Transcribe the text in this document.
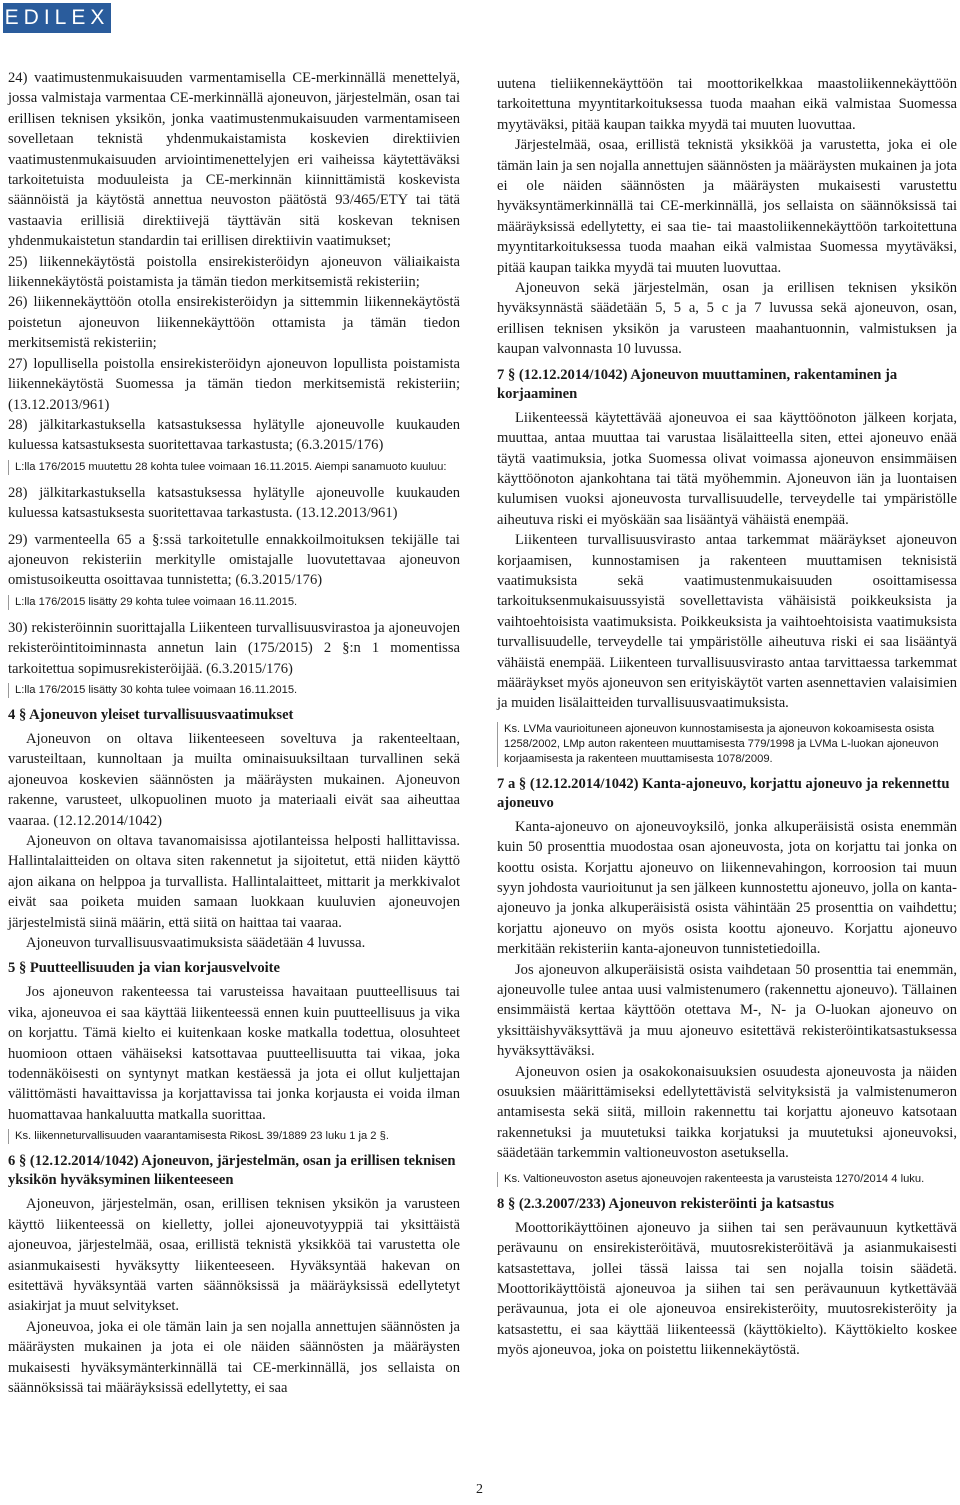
EDILEX

24) vaatimustenmukaisuuden varmentamisella CE-merkinnällä menettelyä, jossa valmistaja varmentaa CE-merkinnällä ajoneuvon, järjestelmän, osan tai erillisen teknisen yksikön, jonka vaatimustenmukaisuuden varmentamiseen sovelletaan teknistä yhdenmukaistamista koskevien direktiivien vaatimustenmukaisuuden arviointimenettelyjen eri vaiheissa käytettäväksi tarkoitetuista moduuleista ja CE-merkinnän kiinnittämistä koskevista säännöistä ja käytöstä annettua neuvoston päätöstä 93/465/ETY tai tätä vastaavia erillisiä direktiivejä täyttävän sitä koskevan teknisen yhdenmukaistetun standardin tai erillisen direktiivin vaatimukset;

25) liikennekäytöstä poistolla ensirekisteröidyn ajoneuvon väliaikaista liikennekäytöstä poistamista ja tämän tiedon merkitsemistä rekisteriin;

26) liikennekäyttöön otolla ensirekisteröidyn ja sittemmin liikennekäytöstä poistetun ajoneuvon liikennekäyttöön ottamista ja tämän tiedon merkitsemistä rekisteriin;

27) lopullisella poistolla ensirekisteröidyn ajoneuvon lopullista poistamista liikennekäytöstä Suomessa ja tämän tiedon merkitsemistä rekisteriin; (13.12.2013/961)

28) jälkitarkastuksella katsastuksessa hylätylle ajoneuvolle kuukauden kuluessa katsastuksesta suoritettavaa tarkastusta; (6.3.2015/176)

L:lla 176/2015 muutettu 28 kohta tulee voimaan 16.11.2015. Aiempi sanamuoto kuuluu:

28) jälkitarkastuksella katsastuksessa hylätylle ajoneuvolle kuukauden kuluessa katsastuksesta suoritettavaa tarkastusta. (13.12.2013/961)

29) varmenteella 65 a §:ssä tarkoitetulle ennakkoilmoituksen tekijälle tai ajoneuvon rekisteriin merkitylle omistajalle luovutettavaa ajoneuvon omistusoikeutta osoittavaa tunnistetta; (6.3.2015/176)

L:lla 176/2015 lisätty 29 kohta tulee voimaan 16.11.2015.

30) rekisteröinnin suorittajalla Liikenteen turvallisuusvirastoa ja ajoneuvojen rekisteröintitoiminnasta annetun lain (175/2015) 2 §:n 1 momentissa tarkoitettua sopimusrekisteröijää. (6.3.2015/176)

L:lla 176/2015 lisätty 30 kohta tulee voimaan 16.11.2015.
4 § Ajoneuvon yleiset turvallisuusvaatimukset

Ajoneuvon on oltava liikenteeseen soveltuva ja rakenteeltaan, varusteiltaan, kunnoltaan ja muilta ominaisuuksiltaan turvallinen sekä ajoneuvoa koskevien säännösten ja määräysten mukainen. Ajoneuvon rakenne, varusteet, ulkopuolinen muoto ja materiaali eivät saa aiheuttaa vaaraa. (12.12.2014/1042)

Ajoneuvon on oltava tavanomaisissa ajotilanteissa helposti hallittavissa. Hallintalaitteiden on oltava siten rakennetut ja sijoitetut, että niiden käyttö ajon aikana on helppoa ja turvallista. Hallintalaitteet, mittarit ja merkkivalot eivät saa poiketa muiden samaan luokkaan kuuluvien ajoneuvojen järjestelmistä siinä määrin, että siitä on haittaa tai vaaraa.

Ajoneuvon turvallisuusvaatimuksista säädetään 4 luvussa.

5 § Puutteellisuuden ja vian korjausvelvoite

Jos ajoneuvon rakenteessa tai varusteissa havaitaan puutteellisuus tai vika, ajoneuvoa ei saa käyttää liikenteessä ennen kuin puutteellisuus ja vika on korjattu. Tämä kielto ei kuitenkaan koske matkalla todettua, olosuhteet huomioon ottaen vähäiseksi katsottavaa puutteellisuutta tai vikaa, joka todennäköisesti on syntynyt matkan kestäessä ja jota ei ollut kuljettajan välittömästi havaittavissa ja korjattavissa tai jonka korjausta ei voida ilman huomattavaa hankaluutta matkalla suorittaa.

Ks. liikenneturvallisuuden vaarantamisesta RikosL 39/1889 23 luku 1 ja 2 §.
6 § (12.12.2014/1042) Ajoneuvon, järjestelmän, osan ja erillisen teknisen yksikön hyväksyminen liikenteeseen

Ajoneuvon, järjestelmän, osan, erillisen teknisen yksikön ja varusteen käyttö liikenteessä on kielletty, jollei ajoneuvotyyppiä tai yksittäistä ajoneuvoa, järjestelmää, osaa, erillistä teknistä yksikköä tai varustetta ole asianmukaisesti hyväksytty liikenteeseen. Hyväksyntää hakevan on esitettävä hyväksyntää varten säännöksissä ja määräyksissä edellytetyt asiakirjat ja muut selvitykset.

Ajoneuvoa, joka ei ole tämän lain ja sen nojalla annettujen säännösten ja määräysten mukainen ja jota ei ole näiden säännösten ja määräysten mukaisesti hyväksymänterkinnällä tai CE-merkinnällä, jos sellaista on säännöksissä tai määräyksissä edellytetty, ei saa

uutena tieliikennekäyttöön tai moottorikelkkaa maastoliikennekäyttöön tarkoitettuna myyntitarkoituksessa tuoda maahan eikä valmistaa Suomessa myytäväksi, pitää kaupan taikka myydä tai muuten luovuttaa.

Järjestelmää, osaa, erillistä teknistä yksikköä ja varustetta, joka ei ole tämän lain ja sen nojalla annettujen säännösten ja määräysten mukainen ja jota ei ole näiden säännösten ja määräysten mukaisesti varustettu hyväksyntämerkinnällä tai CE-merkinnällä, jos sellaista on säännöksissä tai määräyksissä edellytetty, ei saa tie- tai maastoliikennekäyttöön tarkoitettuna myyntitarkoituksessa tuoda maahan eikä valmistaa Suomessa myytäväksi, pitää kaupan taikka myydä tai muuten luovuttaa.

Ajoneuvon sekä järjestelmän, osan ja erillisen teknisen yksikön hyväksynnästä säädetään 5, 5 a, 5 c ja 7 luvussa sekä ajoneuvon, osan, erillisen teknisen yksikön ja varusteen maahantuonnin, valmistuksen ja kaupan valvonnasta 10 luvussa.

7 § (12.12.2014/1042) Ajoneuvon muuttaminen, rakentaminen ja korjaaminen

Liikenteessä käytettävää ajoneuvoa ei saa käyttöönoton jälkeen korjata, muuttaa, antaa muuttaa tai varustaa lisälaitteella siten, ettei ajoneuvo enää täytä vaatimuksia, jotka Suomessa olivat voimassa ajoneuvon ensimmäisen käyttöönoton ajankohtana tai tätä myöhemmin. Ajoneuvon iän ja luontaisen kulumisen vuoksi ajoneuvosta turvallisuudelle, terveydelle tai ympäristölle aiheutuva riski ei myöskään saa lisääntyä vähäistä enempää.

Liikenteen turvallisuusvirasto antaa tarkemmat määräykset ajoneuvon korjaamisen, kunnostamisen ja rakenteen muuttamisen teknisistä vaatimuksista sekä vaatimustenmukaisuuden osoittamisessa tarkoituksenmukaisuussyistä sovellettavista vähäisistä poikkeuksista ja vaihtoehtoisista vaatimuksista. Poikkeuksista ja vaihtoehtoisista vaatimuksista turvallisuudelle, terveydelle tai ympäristölle aiheutuva riski ei saa lisääntyä vähäistä enempää. Liikenteen turvallisuusvirasto antaa tarvittaessa tarkemmat määräykset myös ajoneuvon sen erityiskäytöt varten asennettavien valaisimien ja muiden lisälaitteiden turvallisuusvaatimuksista.

Ks. LVMa vaurioituneen ajoneuvon kunnostamisesta ja ajoneuvon kokoamisesta osista 1258/2002, LMp auton rakenteen muuttamisesta 779/1998 ja LVMa L-luokan ajoneuvon korjaamisesta ja rakenteen muuttamisesta 1078/2009.
7 a § (12.12.2014/1042) Kanta-ajoneuvo, korjattu ajoneuvo ja rekennettu ajoneuvo

Kanta-ajoneuvo on ajoneuvoyksilö, jonka alkuperäisistä osista enemmän kuin 50 prosenttia muodostaa osan ajoneuvosta, jota on korjattu tai jonka on koottu osista. Korjattu ajoneuvo on liikennevahingon, korroosion tai muun syyn johdosta vaurioitunut ja sen jälkeen kunnostettu ajoneuvo, jolla on kanta-ajoneuvo ja jonka alkuperäisistä osista vähintään 25 prosenttia on vaihdettu; korjattu ajoneuvo on myös osista koottu ajoneuvo. Korjattu ajoneuvo merkitään rekisteriin kanta-ajoneuvon tunnistetiedoilla.

Jos ajoneuvon alkuperäisistä osista vaihdetaan 50 prosenttia tai enemmän, ajoneuvolle tulee antaa uusi valmistenumero (rakennettu ajoneuvo). Tällainen ensimmäistä kertaa käyttöön otettava M-, N- ja O-luokan ajoneuvo on yksittäishyväksyttävä ja muu ajoneuvo esitettävä rekisteröintikatsastuksessa hyväksyttäväksi.

Ajoneuvon osien ja osakokonaisuuksien osuudesta ajoneuvosta ja näiden osuuksien määrittämiseksi edellytettävistä selvityksistä ja valmistenumeron antamisesta sekä siitä, milloin rakennettu tai korjattu ajoneuvo katsotaan rakennetuksi ja muutetuksi taikka korjatuksi ja muutetuksi ajoneuvoksi, säädetään tarkemmin valtioneuvoston asetuksella.

Ks. Valtioneuvoston asetus ajoneuvojen rakenteesta ja varusteista 1270/2014 4 luku.
8 § (2.3.2007/233) Ajoneuvon rekisteröinti ja katsastus

Moottorikäyttöinen ajoneuvo ja siihen tai sen perävaunuun kytkettävä perävaunu on ensirekisteröitävä, muutosrekisteröitävä ja asianmukaisesti katsastettava, jollei tässä laissa tai sen nojalla toisin säädetä. Moottorikäyttöistä ajoneuvoa ja siihen tai sen perävaunuun kytkettävää perävaunua, jota ei ole ajoneuvoa ensirekisteröity, muutosrekisteröity ja katsastettu, ei saa käyttää liikenteessä (käyttökielto). Käyttökielto koskee myös ajoneuvoa, joka on poistettu liikennekäytöstä.

2
